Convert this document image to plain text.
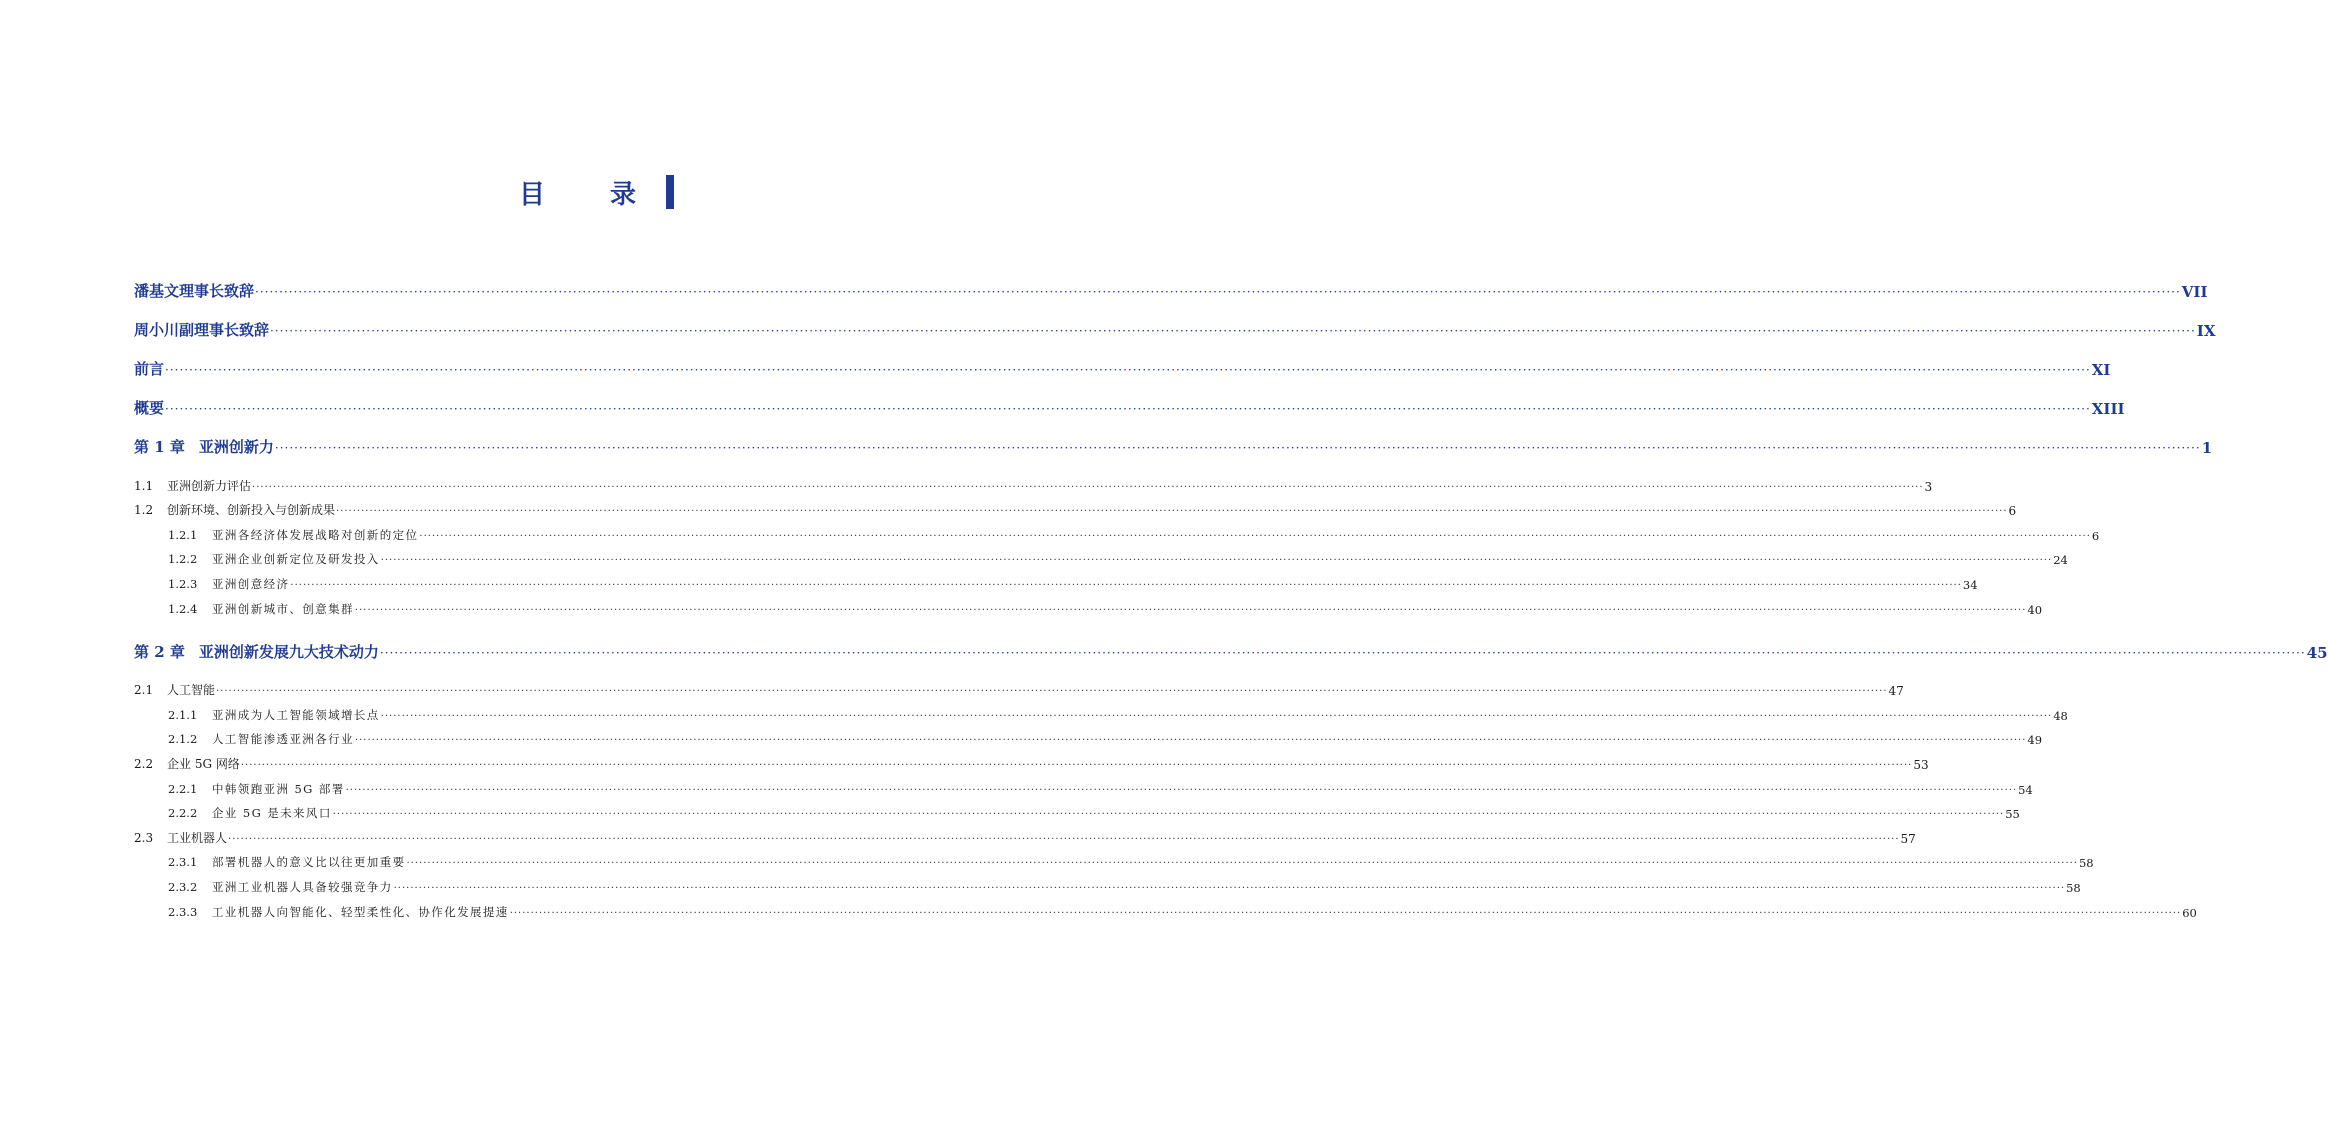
目 录
潘基文理事长致辞 ················································································································································································································································································································································································································ VII
周小川副理事长致辞 ················································································································································································································································································································································································································ IX
前言 ················································································································································································································································································································································································································ XI
概要 ················································································································································································································································································································································································································ XIII
第 1 章 亚洲创新力 ················································································································································································································································································································································································································ 1
1.1 亚洲创新力评估 ················································································································································································································································································································································································································ 3
1.2 创新环境、创新投入与创新成果 ················································································································································································································································································································································································································ 6
1.2.1 亚洲各经济体发展战略对创新的定位 ················································································································································································································································································································································································································ 6
1.2.2 亚洲企业创新定位及研发投入 ················································································································································································································································································································································································································ 24
1.2.3 亚洲创意经济 ················································································································································································································································································································································································································ 34
1.2.4 亚洲创新城市、创意集群 ················································································································································································································································································································································································································ 40
第 2 章 亚洲创新发展九大技术动力 ················································································································································································································································································································································································································ 45
2.1 人工智能 ················································································································································································································································································································································································································ 47
2.1.1 亚洲成为人工智能领域增长点 ················································································································································································································································································································································································································ 48
2.1.2 人工智能渗透亚洲各行业 ················································································································································································································································································································································································································ 49
2.2 企业 5G 网络 ················································································································································································································································································································································································································ 53
2.2.1 中韩领跑亚洲 5G 部署 ················································································································································································································································································································································································································ 54
2.2.2 企业 5G 是未来风口 ················································································································································································································································································································································································································ 55
2.3 工业机器人 ················································································································································································································································································································································································································ 57
2.3.1 部署机器人的意义比以往更加重要 ················································································································································································································································································································································································································ 58
2.3.2 亚洲工业机器人具备较强竞争力 ················································································································································································································································································································································································································ 58
2.3.3 工业机器人向智能化、轻型柔性化、协作化发展提速 ················································································································································································································································································································································································································ 60
